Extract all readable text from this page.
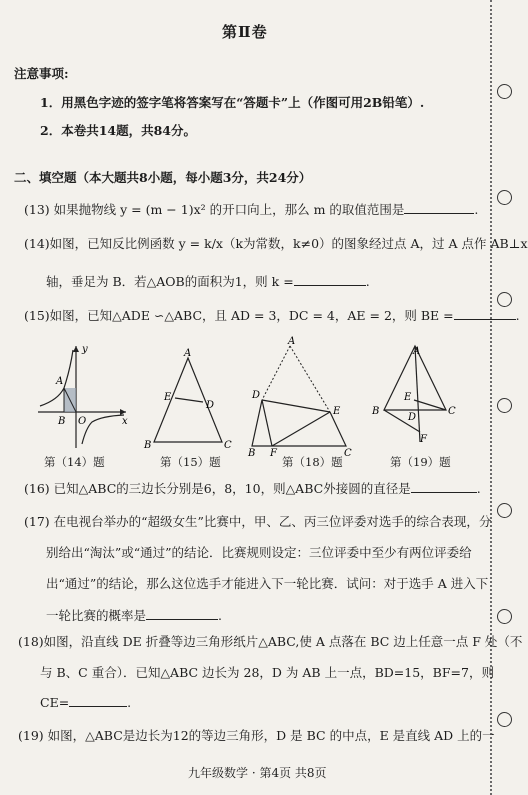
第Ⅱ卷
注意事项:
1．用黑色字迹的签字笔将答案写在“答题卡”上（作图可用2B铅笔）.
2．本卷共14题，共84分。
二、填空题（本大题共8小题，每小题3分，共24分）
(13) 如果抛物线 y = (m − 1)x² 的开口向上，那么 m 的取值范围是	.
(14)如图，已知反比例函数 y = k/x（k为常数，k≠0）的图象经过点 A，过 A 点作 AB⊥x
轴，垂足为 B．若△AOB的面积为1，则 k =	.
(15)如图，已知△ADE ∽△ABC，且 AD = 3，DC = 4，AE = 2，则 BE =	.
y
A
O
B	x
A
E
D
B	C
A
D
E
B F	C
A
E
D
B	C
F
第（14）题	第（15）题	第（18）题	第（19）题
(16) 已知△ABC的三边长分别是6，8，10，则△ABC外接圆的直径是	.
(17) 在电视台举办的“超级女生”比赛中，甲、乙、丙三位评委对选手的综合表现，分
别给出“淘汰”或“通过”的结论．比赛规则设定：三位评委中至少有两位评委给
出“通过”的结论，那么这位选手才能进入下一轮比赛．试问：对于选手 A 进入下
一轮比赛的概率是	.
(18)如图，沿直线 DE 折叠等边三角形纸片△ABC,使 A 点落在 BC 边上任意一点 F 处（不
与 B、C 重合）．已知△ABC 边长为 28，D 为 AB 上一点，BD=15，BF=7，则
CE=	.
(19) 如图，△ABC是边长为12的等边三角形，D 是 BC 的中点，E 是直线 AD 上的一
九年级数学 · 第4页 共8页
